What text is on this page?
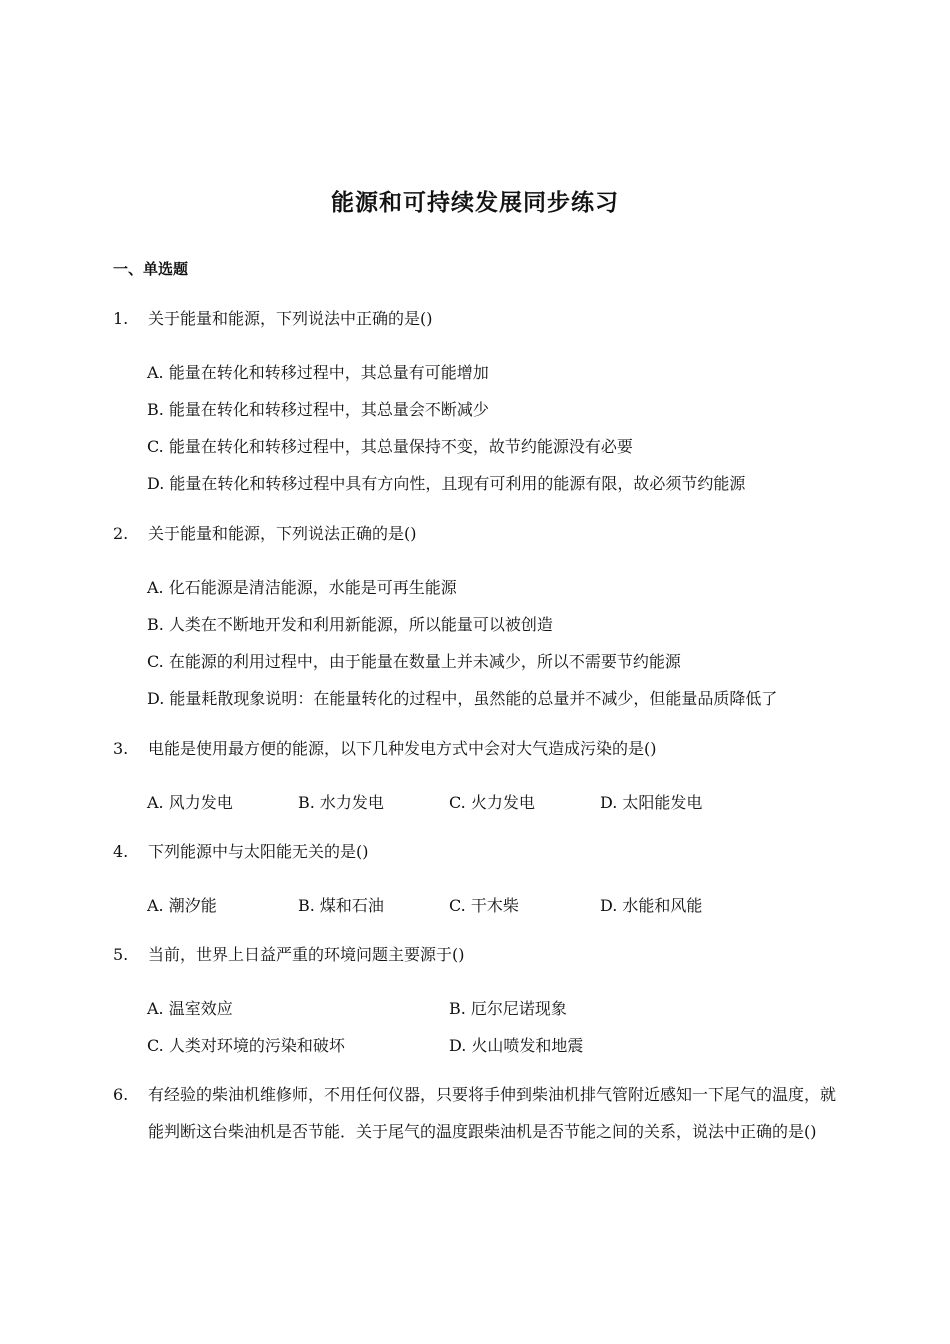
能源和可持续发展同步练习
一、单选题
1. 关于能量和能源，下列说法中正确的是()
A. 能量在转化和转移过程中，其总量有可能增加
B. 能量在转化和转移过程中，其总量会不断减少
C. 能量在转化和转移过程中，其总量保持不变，故节约能源没有必要
D. 能量在转化和转移过程中具有方向性，且现有可利用的能源有限，故必须节约能源
2. 关于能量和能源，下列说法正确的是()
A. 化石能源是清洁能源，水能是可再生能源
B. 人类在不断地开发和利用新能源，所以能量可以被创造
C. 在能源的利用过程中，由于能量在数量上并未减少，所以不需要节约能源
D. 能量耗散现象说明：在能量转化的过程中，虽然能的总量并不减少，但能量品质降低了
3. 电能是使用最方便的能源，以下几种发电方式中会对大气造成污染的是()
A. 风力发电	B. 水力发电	C. 火力发电	D. 太阳能发电
4. 下列能源中与太阳能无关的是()
A. 潮汐能	B. 煤和石油	C. 干木柴	D. 水能和风能
5. 当前，世界上日益严重的环境问题主要源于()
A. 温室效应	B. 厄尔尼诺现象
C. 人类对环境的污染和破坏	D. 火山喷发和地震
6. 有经验的柴油机维修师，不用任何仪器，只要将手伸到柴油机排气管附近感知一下尾气的温度，就能判断这台柴油机是否节能．关于尾气的温度跟柴油机是否节能之间的关系，说法中正确的是()
